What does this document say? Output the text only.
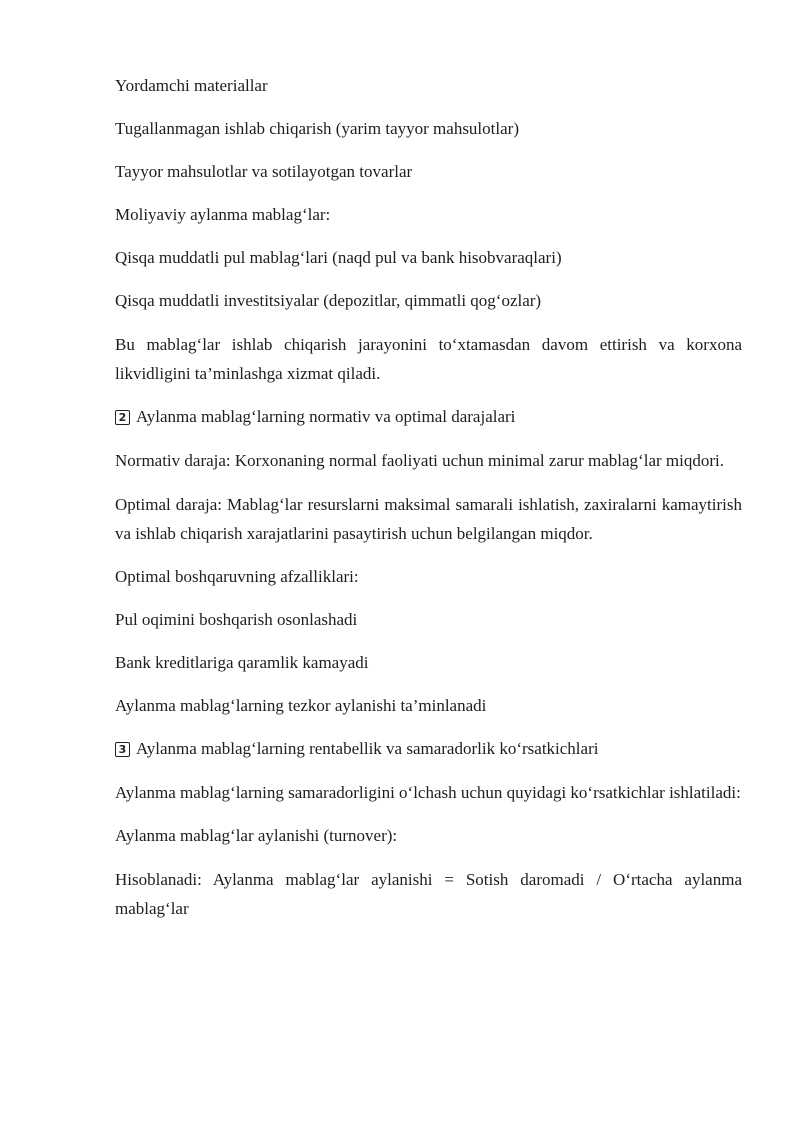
Yordamchi materiallar

Tugallanmagan ishlab chiqarish (yarim tayyor mahsulotlar)

Tayyor mahsulotlar va sotilayotgan tovarlar

Moliyaviy aylanma mablag‘lar:

Qisqa muddatli pul mablag‘lari (naqd pul va bank hisobvaraqlari)

Qisqa muddatli investitsiyalar (depozitlar, qimmatli qog‘ozlar)

Bu mablag‘lar ishlab chiqarish jarayonini to‘xtamasdan davom ettirish va korxona likvidligini ta’minlashga xizmat qiladi.

2 Aylanma mablag‘larning normativ va optimal darajalari

Normativ daraja: Korxonaning normal faoliyati uchun minimal zarur mablag‘lar miqdori.

Optimal daraja: Mablag‘lar resurslarni maksimal samarali ishlatish, zaxiralarni kamaytirish va ishlab chiqarish xarajatlarini pasaytirish uchun belgilangan miqdor.

Optimal boshqaruvning afzalliklari:

Pul oqimini boshqarish osonlashadi

Bank kreditlariga qaramlik kamayadi

Aylanma mablag‘larning tezkor aylanishi ta’minlanadi

3 Aylanma mablag‘larning rentabellik va samaradorlik ko‘rsatkichlari

Aylanma mablag‘larning samaradorligini o‘lchash uchun quyidagi ko‘rsatkichlar ishlatiladi:

Aylanma mablag‘lar aylanishi (turnover):

Hisoblanadi: Aylanma mablag‘lar aylanishi = Sotish daromadi / O‘rtacha aylanma mablag‘lar
